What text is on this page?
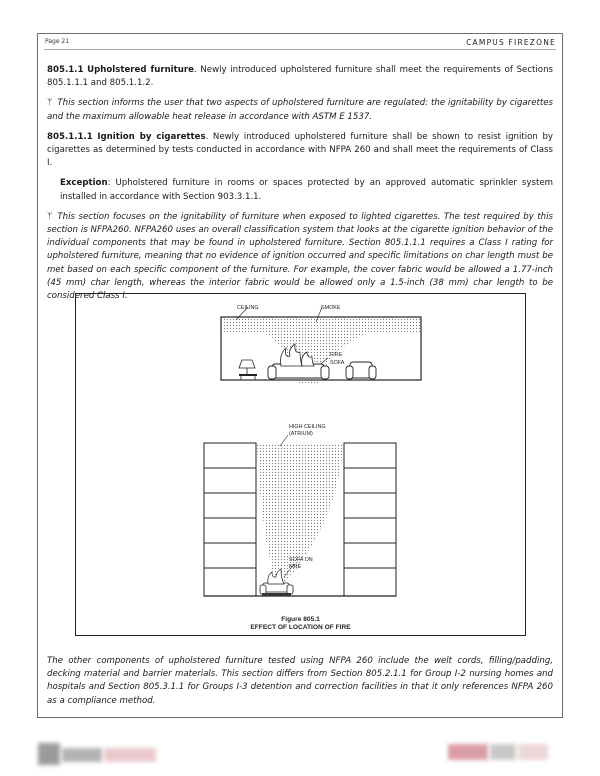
Page 21	CAMPUS FIREZONE

805.1.1 Upholstered furniture. Newly introduced upholstered furniture shall meet the requirements of Sections 805.1.1.1 and 805.1.1.2.

ᛘ This section informs the user that two aspects of upholstered furniture are regulated: the ignitability by cigarettes and the maximum allowable heat release in accordance with ASTM E 1537.

805.1.1.1 Ignition by cigarettes. Newly introduced upholstered furniture shall be shown to resist ignition by cigarettes as determined by tests conducted in accordance with NFPA 260 and shall meet the requirements of Class I.

Exception: Upholstered furniture in rooms or spaces protected by an approved automatic sprinkler system installed in accordance with Section 903.3.1.1.

ᛘ This section focuses on the ignitability of furniture when exposed to lighted cigarettes. The test required by this section is NFPA260. NFPA260 uses an overall classification system that looks at the cigarette ignition behavior of the individual components that may be found in upholstered furniture. Section 805.1.1.1 requires a Class I rating for upholstered furniture, meaning that no evidence of ignition occurred and specific limitations on char length must be met based on each specific component of the furniture. For example, the cover fabric would be allowed a 1.77-inch (45 mm) char length, whereas the interior fabric would be allowed only a 1.5-inch (38 mm) char length to be considered Class I.

CEILING	SMOKE
FIRE
SOFA
HIGH CEILING
(ATRIUM)
SOFA ON
FIRE
Figure 805.1
EFFECT OF LOCATION OF FIRE

The other components of upholstered furniture tested using NFPA 260 include the welt cords, filling/padding, decking material and barrier materials. This section differs from Section 805.2.1.1 for Group I-2 nursing homes and hospitals and Section 805.3.1.1 for Groups I-3 detention and correction facilities in that it only references NFPA 260 as a compliance method.
